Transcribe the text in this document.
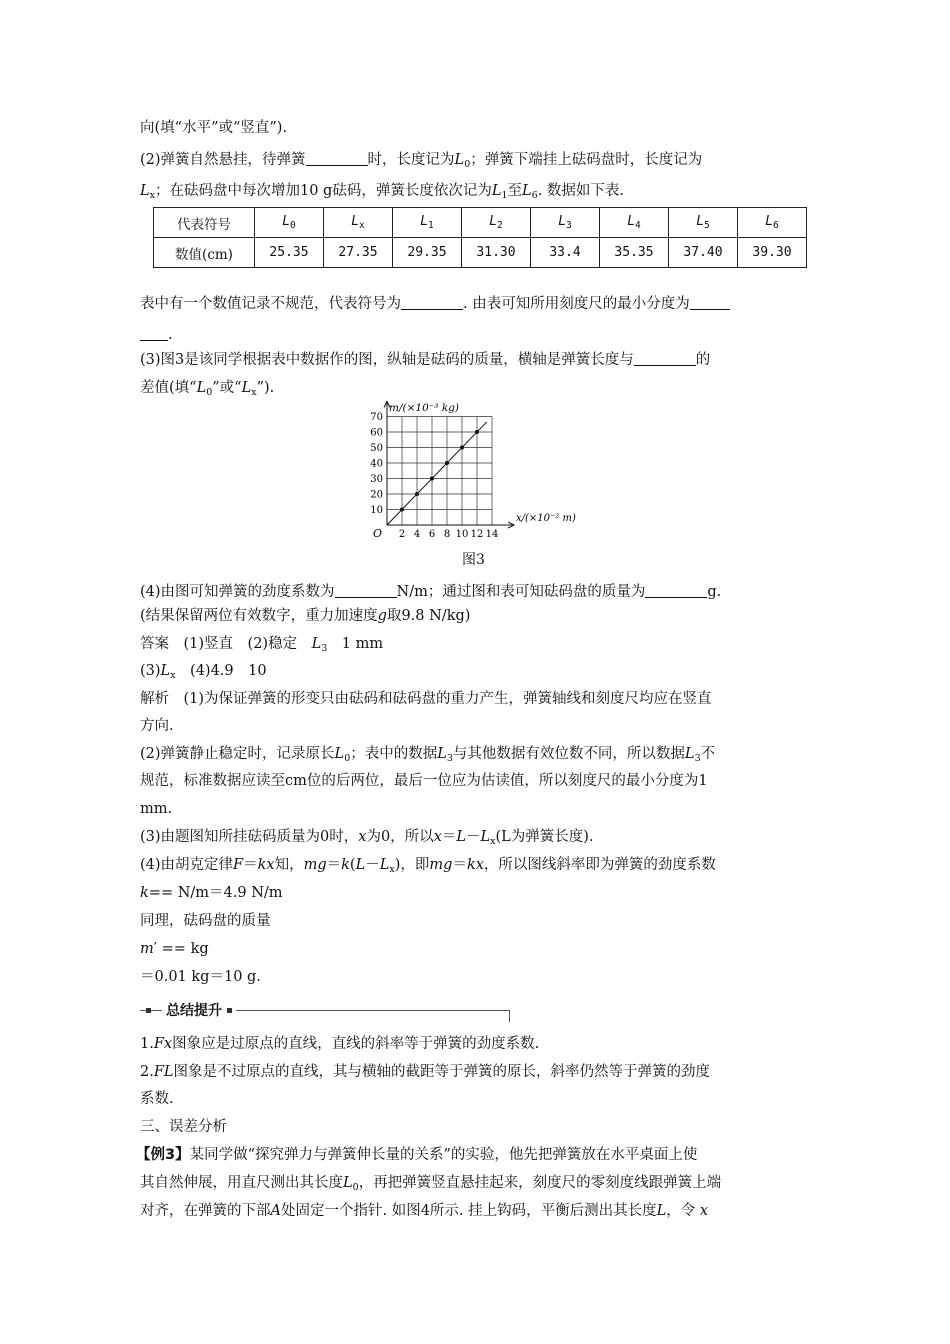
向(填“水平”或“竖直”).
(2)弹簧自然悬挂，待弹簧	时，长度记为$L_0$；弹簧下端挂上砝码盘时，长度记为
$L_x$；在砝码盘中每次增加10 g砝码，弹簧长度依次记为$L_1$至$L_6$. 数据如下表.
代表符号	$L_0$	$L_x$	$L_1$	$L_2$	$L_3$	$L_4$	$L_5$	$L_6$
数值(cm)	25.35	27.35	29.35	31.30	33.4	35.35	37.40	39.30
表中有一个数值记录不规范，代表符号为	. 由表可知所用刻度尺的最小分度为
.
(3)图3是该同学根据表中数据作的图，纵轴是砝码的质量，横轴是弹簧长度与	的
差值(填“$L_0$”或“$L_x$”).
2 4 6 8 10 12 14
10
20
30
40
50
60
70
m/(×10⁻³ kg)
x/(×10⁻² m)
O
图3
(4)由图可知弹簧的劲度系数为	N/m；通过图和表可知砝码盘的质量为	g.
(结果保留两位有效数字，重力加速度g取9.8 N/kg)
答案　(1)竖直　(2)稳定　$L_3$　1 mm
$(3)L_x$　(4)4.9　10
解析　(1)为保证弹簧的形变只由砝码和砝码盘的重力产生，弹簧轴线和刻度尺均应在竖直
方向.
(2)弹簧静止稳定时，记录原长$L_0$；表中的数据$L_3$与其他数据有效位数不同，所以数据$L_3$不
规范，标准数据应读至cm位的后两位，最后一位应为估读值，所以刻度尺的最小分度为1
mm.
(3)由题图知所挂砝码质量为0时，x为0，所以$x=L-L_x(L$为弹簧长度).
(4)由胡克定律F＝kx知，$mg=k(L-L_x)$，即mg＝kx，所以图线斜率即为弹簧的劲度系数
k== N/m＝4.9 N/m
同理，砝码盘的质量
m′ == kg
＝0.01 kg＝10 g.
总结提升
1.Fx图象应是过原点的直线，直线的斜率等于弹簧的劲度系数.
2.FL图象是不过原点的直线，其与横轴的截距等于弹簧的原长，斜率仍然等于弹簧的劲度
系数.
三、误差分析
【例3】某同学做“探究弹力与弹簧伸长量的关系”的实验，他先把弹簧放在水平桌面上使
其自然伸展，用直尺测出其长度$L_0$，再把弹簧竖直悬挂起来，刻度尺的零刻度线跟弹簧上端
对齐，在弹簧的下部A处固定一个指针. 如图4所示. 挂上钩码，平衡后测出其长度L，令 x
